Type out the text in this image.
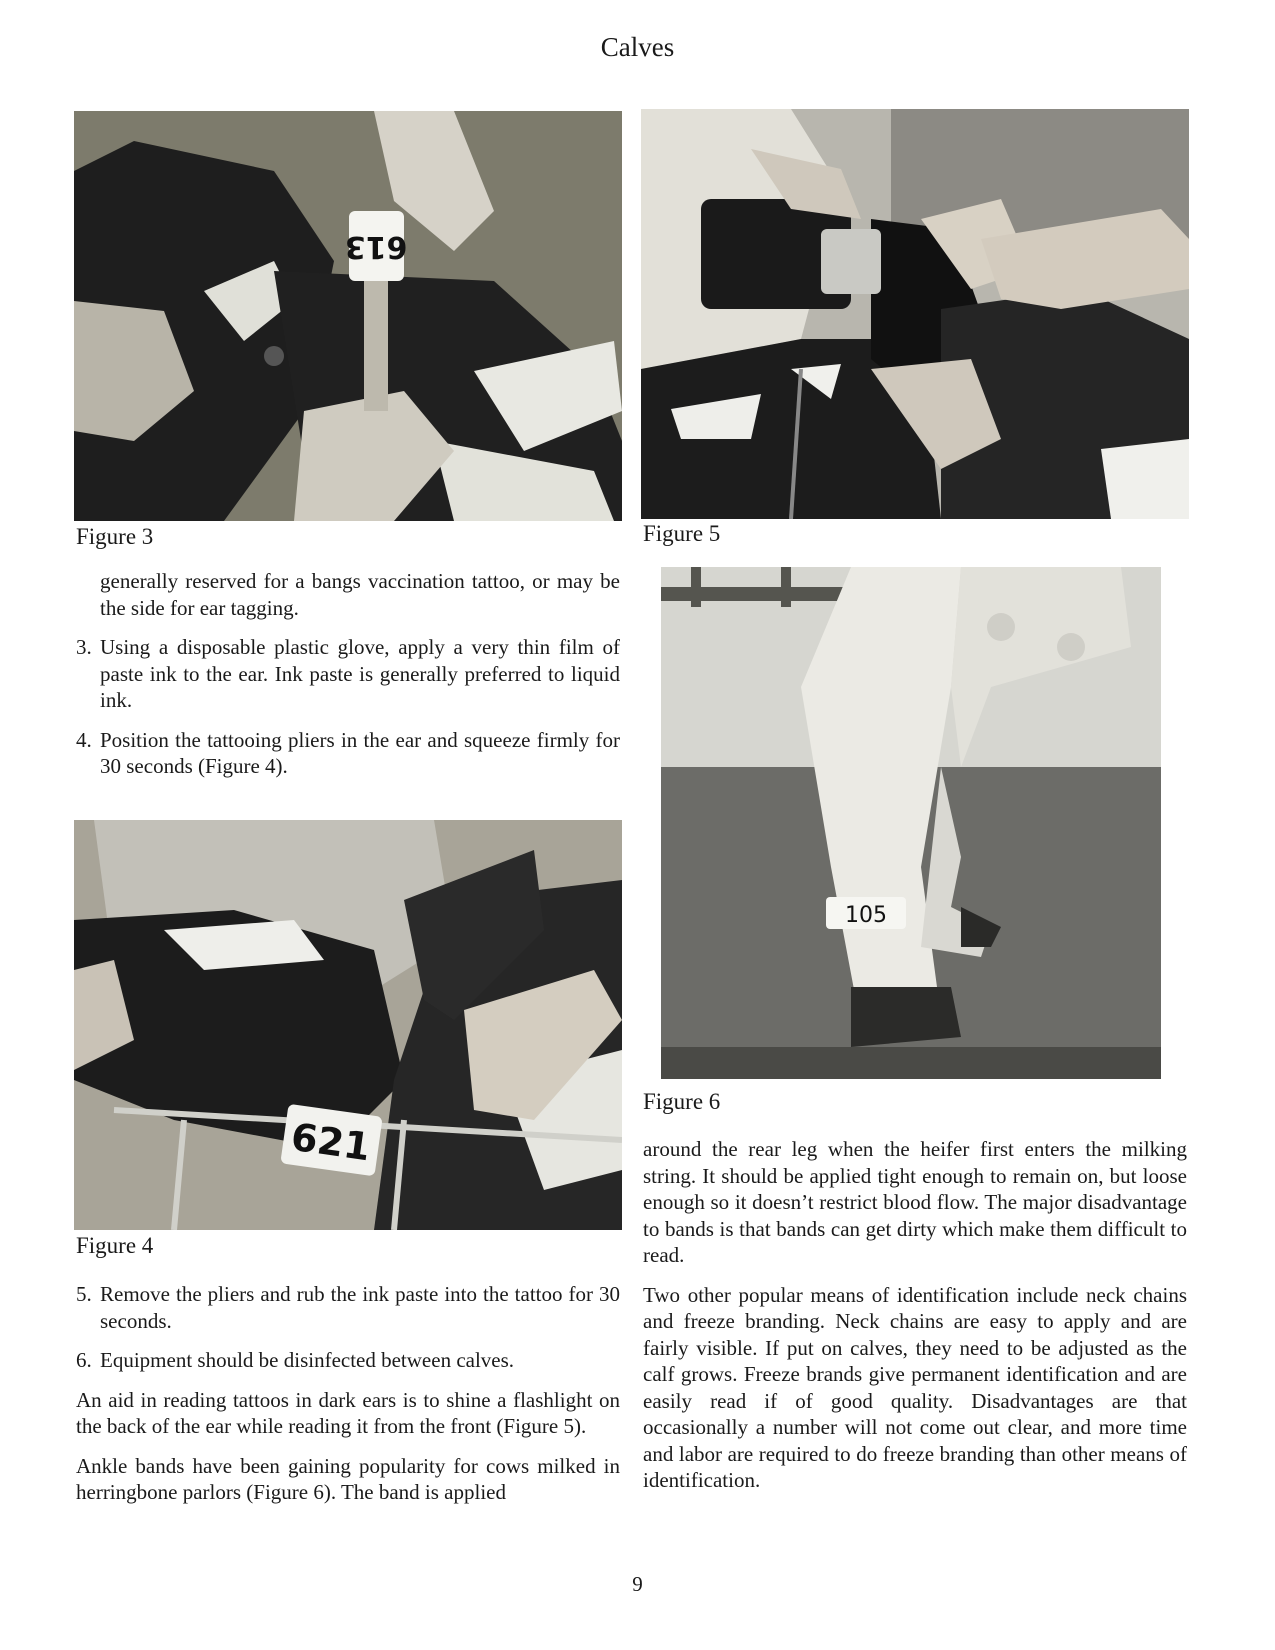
Calves
613
Figure 3	Figure 5

generally reserved for a bangs vaccination tattoo, or may be the side for ear tagging.

3. Using a disposable plastic glove, apply a very thin film of paste ink to the ear. Ink paste is generally preferred to liquid ink.
4. Position the tattooing pliers in the ear and squeeze firmly for 30 seconds (Figure 4).
621
Figure 4
5. Remove the pliers and rub the ink paste into the tattoo for 30 seconds.
6. Equipment should be disinfected between calves.

An aid in reading tattoos in dark ears is to shine a flashlight on the back of the ear while reading it from the front (Figure 5).

Ankle bands have been gaining popularity for cows milked in herringbone parlors (Figure 6). The band is applied

105
Figure 6

around the rear leg when the heifer first enters the milking string. It should be applied tight enough to remain on, but loose enough so it doesn’t restrict blood flow. The major disadvantage to bands is that bands can get dirty which make them difficult to read.

Two other popular means of identification include neck chains and freeze branding. Neck chains are easy to apply and are fairly visible. If put on calves, they need to be adjusted as the calf grows. Freeze brands give permanent identification and are easily read if of good quality. Disadvantages are that occasionally a number will not come out clear, and more time and labor are required to do freeze branding than other means of identification.

9
